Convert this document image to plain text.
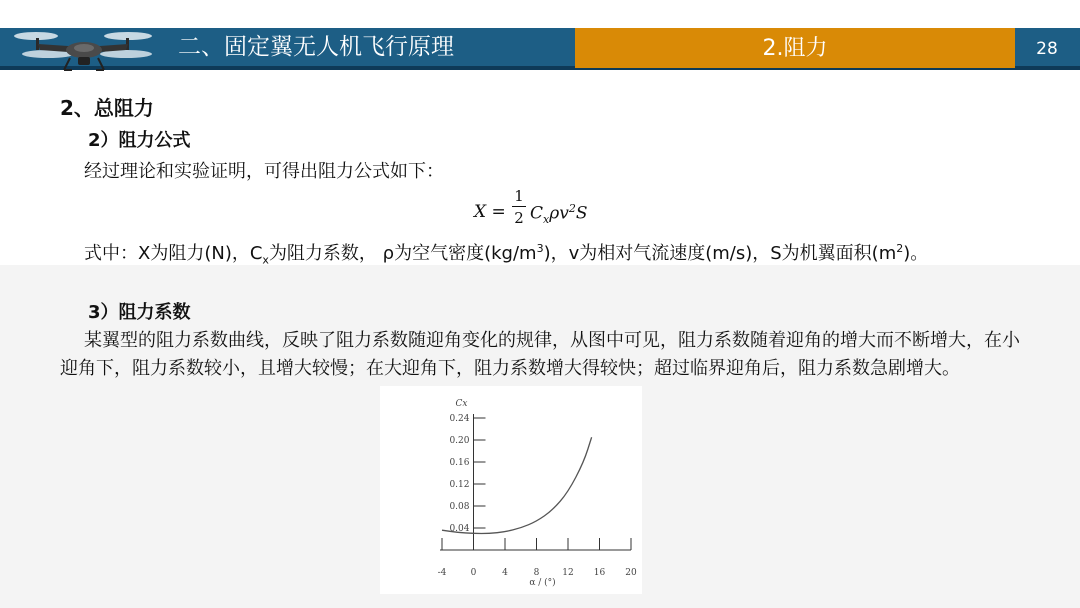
二、固定翼无人机飞行原理	2.阻力	28
2、总阻力
2）阻力公式
经过理论和实验证明，可得出阻力公式如下：
X =
1
2 $C_x\rho v^2S$
式中：X为阻力(N)，$C_x$为阻力系数， ρ为空气密度$(kg/m^3)$，v为相对气流速度(m/s)，S为机翼面积$(m^2)$。
3）阻力系数
某翼型的阻力系数曲线，反映了阻力系数随迎角变化的规律，从图中可见，阻力系数随着迎角的增大而不断增大，在小迎角下，阻力系数较小，且增大较慢；在大迎角下，阻力系数增大得较快；超过临界迎角后，阻力系数急剧增大。
0.04
0.08
0.12
0.16
0.20
0.24
-4	0	4	8	12 16 20
Cx
α / (°)
